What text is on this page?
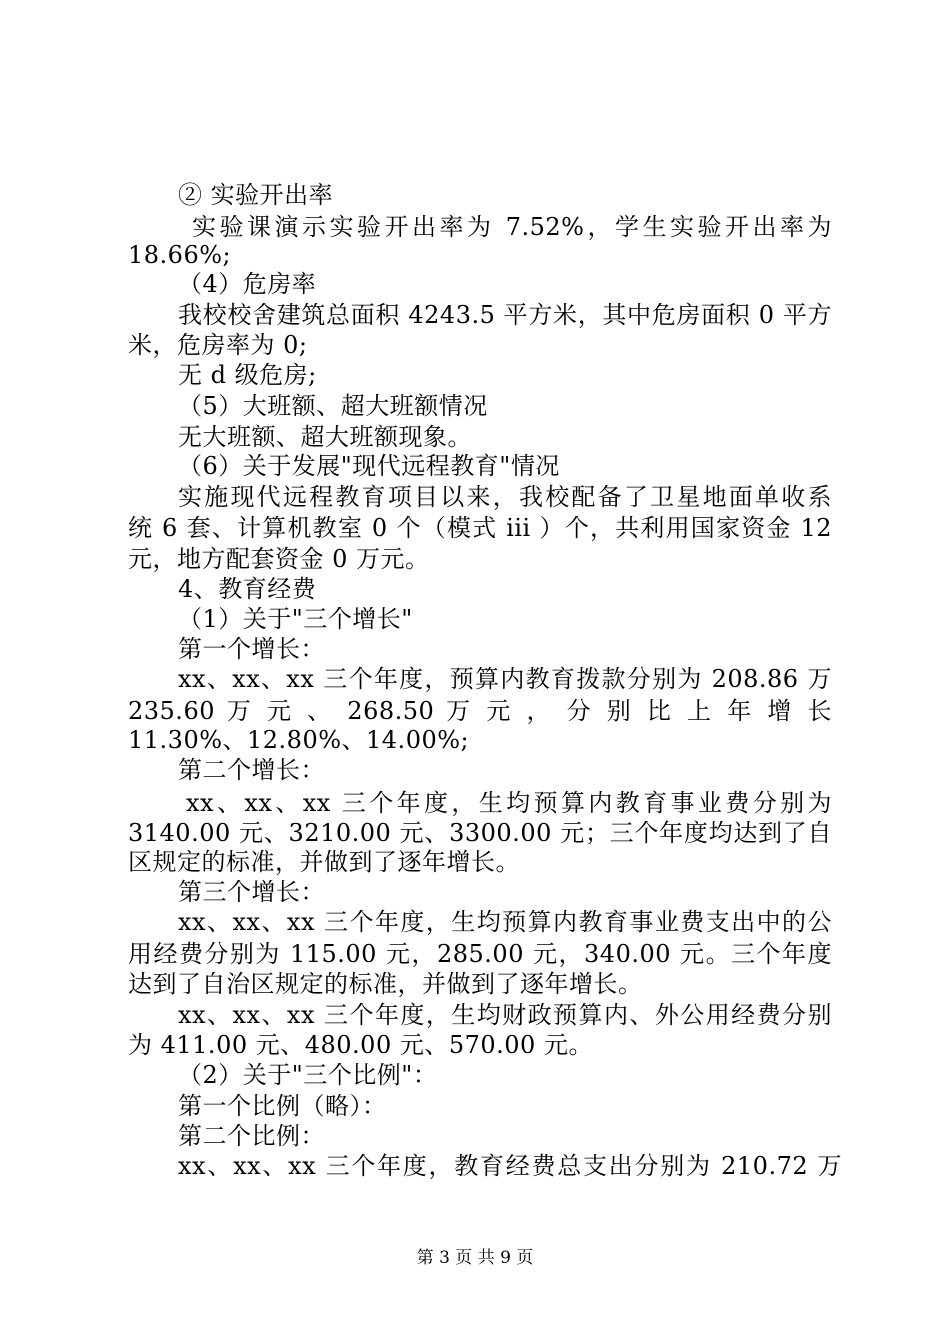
② 实验开出率
实验课演示实验开出率为 7.52%，学生实验开出率为
18.66%;
（4）危房率
我校校舍建筑总面积 4243.5 平方米，其中危房面积 0 平方
米，危房率为 0;
无 d 级危房;
（5）大班额、超大班额情况
无大班额、超大班额现象。
（6）关于发展"现代远程教育"情况
实施现代远程教育项目以来，我校配备了卫星地面单收系
统 6 套、计算机教室 0 个（模式 iii ）个，共利用国家资金 12
元，地方配套资金 0 万元。
4、教育经费
（1）关于"三个增长"
第一个增长：
xx、xx、xx 三个年度，预算内教育拨款分别为 208.86 万
235.60 万 元 、 268.50 万 元 ， 分 别 比 上 年 增 长
11.30%、12.80%、14.00%;
第二个增长：
xx、xx、xx 三个年度，生均预算内教育事业费分别为
3140.00 元、3210.00 元、3300.00 元；三个年度均达到了自
区规定的标准，并做到了逐年增长。
第三个增长：
xx、xx、xx 三个年度，生均预算内教育事业费支出中的公
用经费分别为 115.00 元，285.00 元，340.00 元。三个年度
达到了自治区规定的标准，并做到了逐年增长。
xx、xx、xx 三个年度，生均财政预算内、外公用经费分别
为 411.00 元、480.00 元、570.00 元。
（2）关于"三个比例"：
第一个比例（略）：
第二个比例：
xx、xx、xx 三个年度，教育经费总支出分别为 210.72 万
第 3 页 共 9 页
